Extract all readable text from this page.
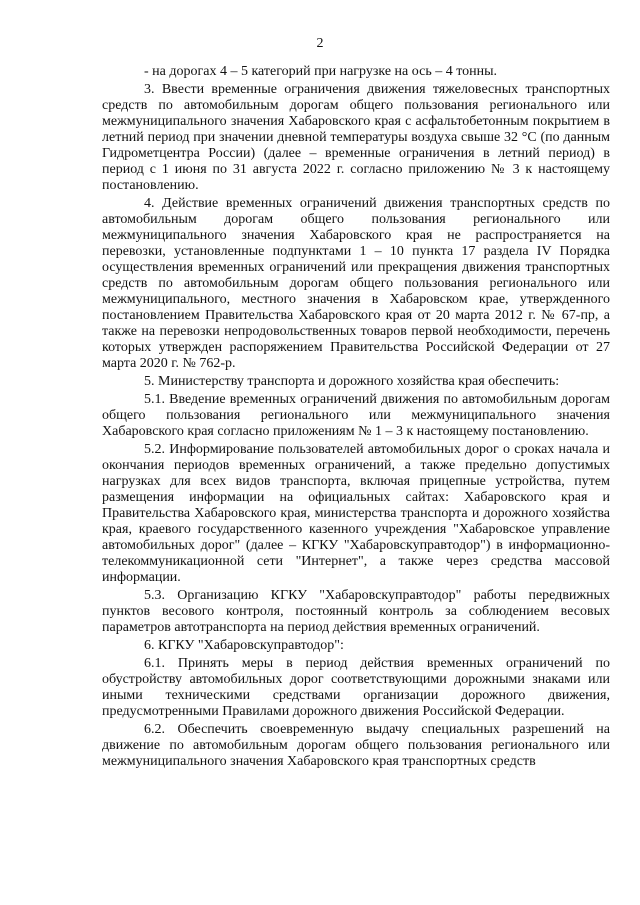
2

- на дорогах 4 – 5 категорий при нагрузке на ось – 4 тонны.

3. Ввести временные ограничения движения тяжеловесных транспортных средств по автомобильным дорогам общего пользования регионального или межмуниципального значения Хабаровского края с асфальтобетонным покрытием в летний период при значении дневной температуры воздуха свыше 32 °С (по данным Гидрометцентра России) (далее – временные ограничения в летний период) в период с 1 июня по 31 августа 2022 г. согласно приложению № 3 к настоящему постановлению.

4. Действие временных ограничений движения транспортных средств по автомобильным дорогам общего пользования регионального или межмуниципального значения Хабаровского края не распространяется на перевозки, установленные подпунктами 1 – 10 пункта 17 раздела IV Порядка осуществления временных ограничений или прекращения движения транспортных средств по автомобильным дорогам общего пользования регионального или межмуниципального, местного значения в Хабаровском крае, утвержденного постановлением Правительства Хабаровского края от 20 марта 2012 г. № 67-пр, а также на перевозки непродовольственных товаров первой необходимости, перечень которых утвержден распоряжением Правительства Российской Федерации от 27 марта 2020 г. № 762-р.

5. Министерству транспорта и дорожного хозяйства края обеспечить:

5.1. Введение временных ограничений движения по автомобильным дорогам общего пользования регионального или межмуниципального значения Хабаровского края согласно приложениям № 1 – 3 к настоящему постановлению.

5.2. Информирование пользователей автомобильных дорог о сроках начала и окончания периодов временных ограничений, а также предельно допустимых нагрузках для всех видов транспорта, включая прицепные устройства, путем размещения информации на официальных сайтах: Хабаровского края и Правительства Хабаровского края, министерства транспорта и дорожного хозяйства края, краевого государственного казенного учреждения "Хабаровское управление автомобильных дорог" (далее – КГКУ "Хабаровскуправтодор") в информационно-телекоммуникационной сети "Интернет", а также через средства массовой информации.

5.3. Организацию КГКУ "Хабаровскуправтодор" работы передвижных пунктов весового контроля, постоянный контроль за соблюдением весовых параметров автотранспорта на период действия временных ограничений.

6. КГКУ "Хабаровскуправтодор":

6.1. Принять меры в период действия временных ограничений по обустройству автомобильных дорог соответствующими дорожными знаками или иными техническими средствами организации дорожного движения, предусмотренными Правилами дорожного движения Российской Федерации.

6.2. Обеспечить своевременную выдачу специальных разрешений на движение по автомобильным дорогам общего пользования регионального или межмуниципального значения Хабаровского края транспортных средств
